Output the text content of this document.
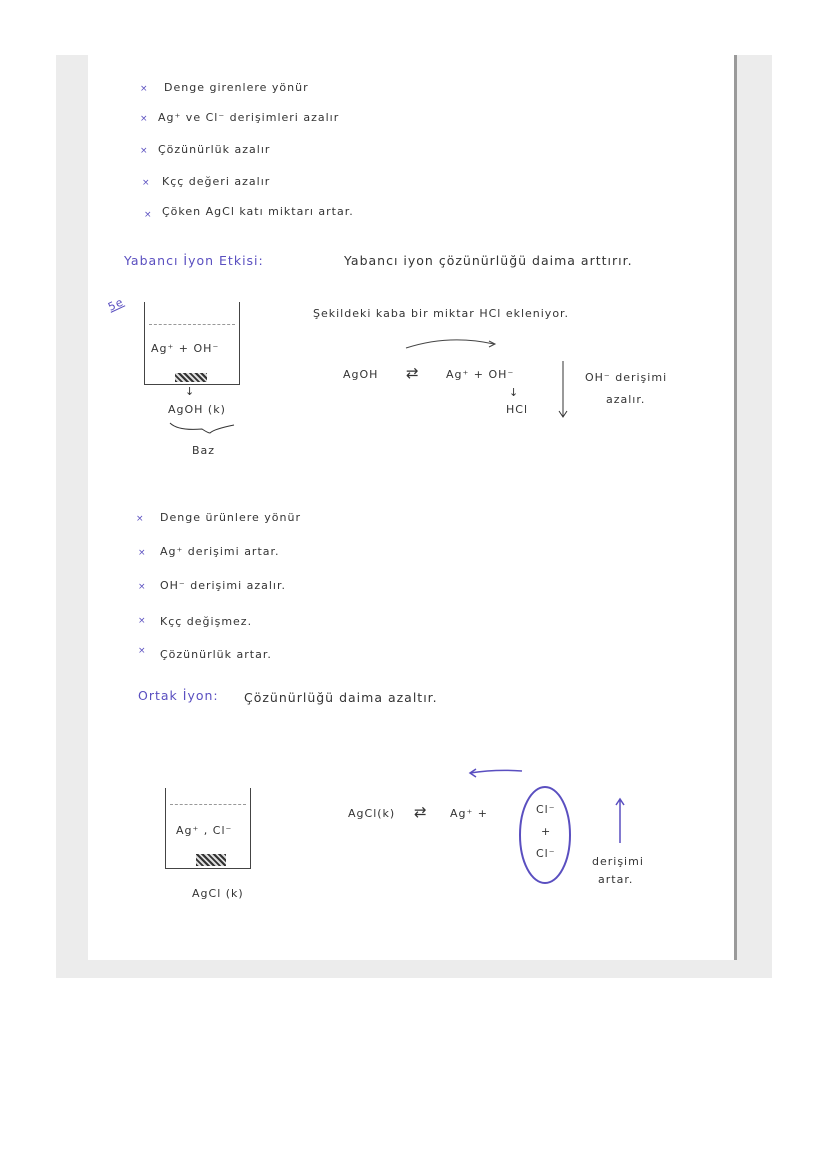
× Denge girenlere yönür
× Ag⁺ ve Cl⁻ derişimleri azalır
× Çözünürlük azalır
× Kçç değeri azalır
× Çöken AgCl katı miktarı artar.
Yabancı İyon Etkisi:	Yabancı iyon çözünürlüğü daima arttırır.
5e
Ag⁺ + OH⁻
↓
AgOH (k)
Baz
Şekildeki kaba bir miktar HCl ekleniyor.
AgOH ⇄ Ag⁺ + OH⁻
↓
HCl
OH⁻ derişimi
azalır.
× Denge ürünlere yönür
× Ag⁺ derişimi artar.
× OH⁻ derişimi azalır.
× Kçç değişmez.
× Çözünürlük artar.
Ortak İyon: Çözünürlüğü daima azaltır.
Ag⁺ , Cl⁻
AgCl (k)
AgCl(k) ⇄ Ag⁺ +	Cl⁻
+
Cl⁻
derişimi
artar.
